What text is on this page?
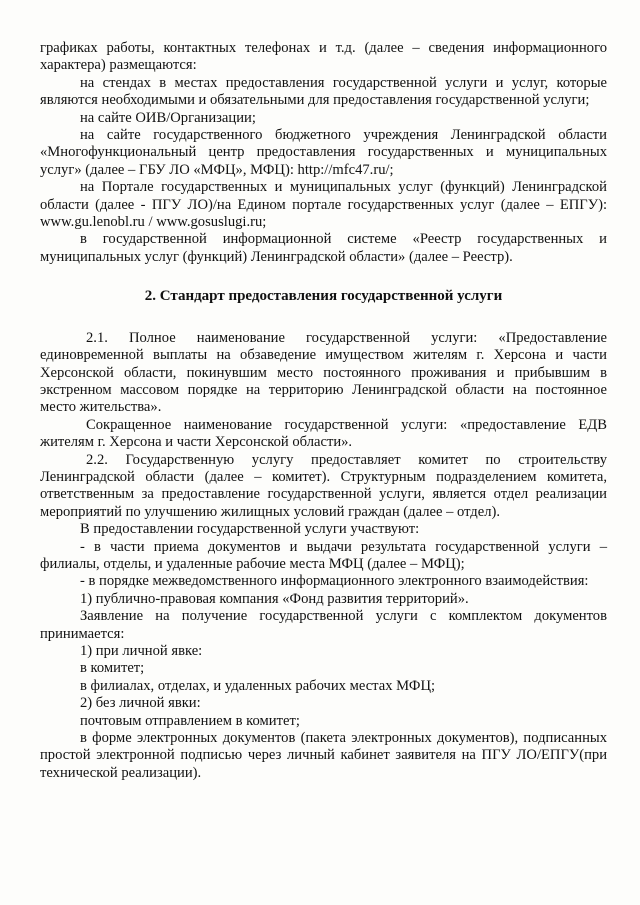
графиках работы, контактных телефонах и т.д. (далее – сведения информационного характера) размещаются:

на стендах в местах предоставления государственной услуги и услуг, которые являются необходимыми и обязательными для предоставления государственной услуги;

на сайте ОИВ/Организации;

на сайте государственного бюджетного учреждения Ленинградской области «Многофункциональный центр предоставления государственных и муниципальных услуг» (далее – ГБУ ЛО «МФЦ», МФЦ): http://mfc47.ru/;

на Портале государственных и муниципальных услуг (функций) Ленинградской области (далее - ПГУ ЛО)/на Едином портале государственных услуг (далее – ЕПГУ): www.gu.lenobl.ru / www.gosuslugi.ru;

в государственной информационной системе «Реестр государственных и муниципальных услуг (функций) Ленинградской области» (далее – Реестр).

2. Стандарт предоставления государственной услуги

2.1. Полное наименование государственной услуги: «Предоставление единовременной выплаты на обзаведение имуществом жителям г. Херсона и части Херсонской области, покинувшим место постоянного проживания и прибывшим в экстренном массовом порядке на территорию Ленинградской области на постоянное место жительства».

Сокращенное наименование государственной услуги: «предоставление ЕДВ жителям г. Херсона и части Херсонской области».

2.2. Государственную услугу предоставляет комитет по строительству Ленинградской области (далее – комитет). Структурным подразделением комитета, ответственным за предоставление государственной услуги, является отдел реализации мероприятий по улучшению жилищных условий граждан (далее – отдел).

В предоставлении государственной услуги участвуют:

- в части приема документов и выдачи результата государственной услуги – филиалы, отделы, и удаленные рабочие места МФЦ (далее – МФЦ);

- в порядке межведомственного информационного электронного взаимодействия:

1) публично-правовая компания «Фонд развития территорий».

Заявление на получение государственной услуги с комплектом документов принимается:

1) при личной явке:

в комитет;

в филиалах, отделах, и удаленных рабочих местах МФЦ;

2) без личной явки:

почтовым отправлением в комитет;

в форме электронных документов (пакета электронных документов), подписанных простой электронной подписью через личный кабинет заявителя на ПГУ ЛО/ЕПГУ(при технической реализации).
